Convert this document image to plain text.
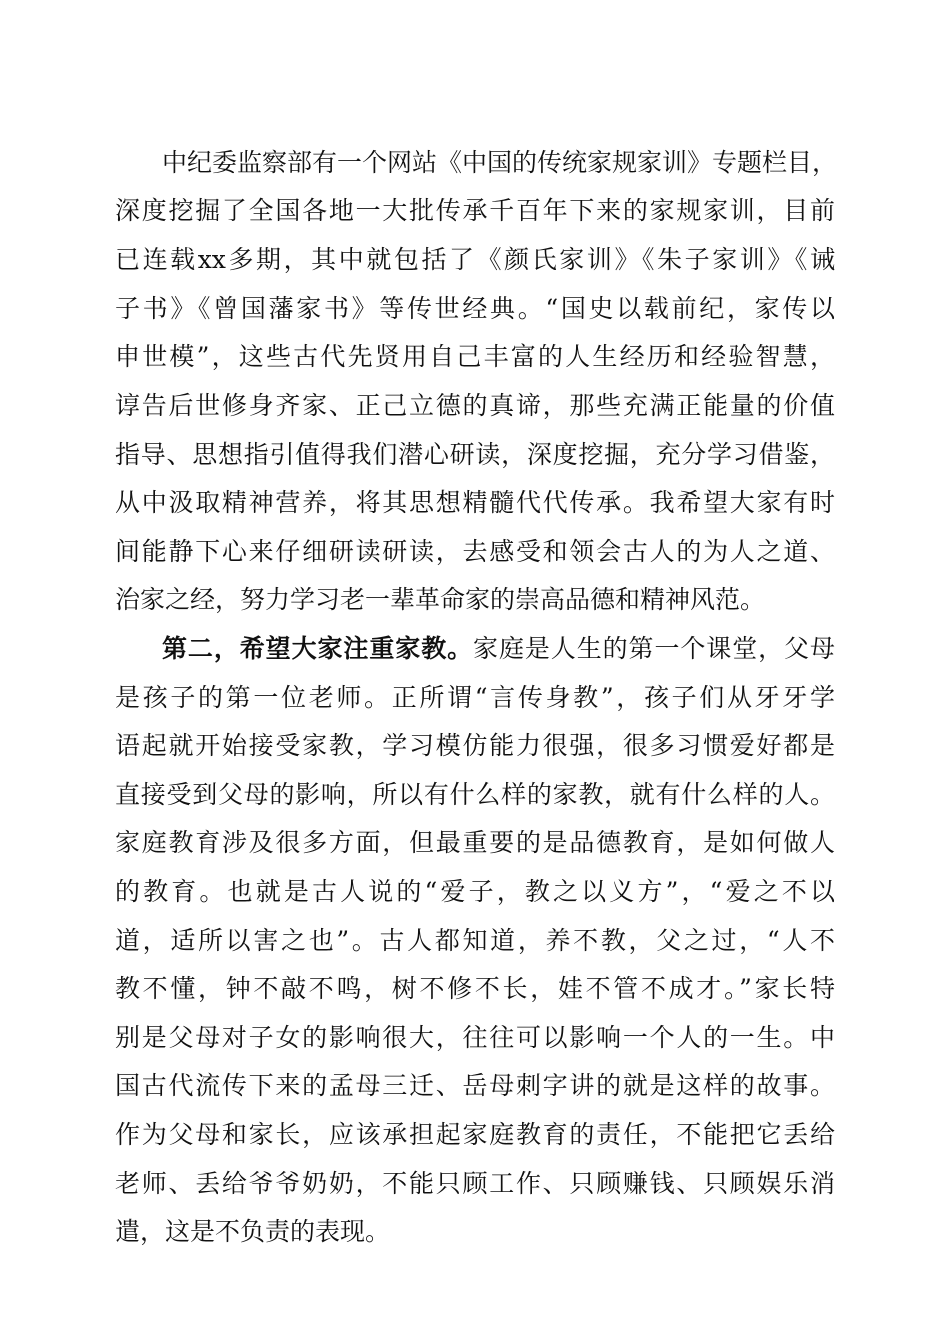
中纪委监察部有一个网站《中国的传统家规家训》专题栏目，
深度挖掘了全国各地一大批传承千百年下来的家规家训，目前
已连载xx多期，其中就包括了《颜氏家训》《朱子家训》《诫
子书》《曾国藩家书》等传世经典。“国史以载前纪，家传以
申世模”，这些古代先贤用自己丰富的人生经历和经验智慧，
谆告后世修身齐家、正己立德的真谛，那些充满正能量的价值
指导、思想指引值得我们潜心研读，深度挖掘，充分学习借鉴，
从中汲取精神营养，将其思想精髓代代传承。我希望大家有时
间能静下心来仔细研读研读，去感受和领会古人的为人之道、
治家之经，努力学习老一辈革命家的崇高品德和精神风范。
第二，希望大家注重家教。家庭是人生的第一个课堂，父母
是孩子的第一位老师。正所谓“言传身教”，孩子们从牙牙学
语起就开始接受家教，学习模仿能力很强，很多习惯爱好都是
直接受到父母的影响，所以有什么样的家教，就有什么样的人。
家庭教育涉及很多方面，但最重要的是品德教育，是如何做人
的教育。也就是古人说的“爱子，教之以义方”，“爱之不以
道，适所以害之也”。古人都知道，养不教，父之过，“人不
教不懂，钟不敲不鸣，树不修不长，娃不管不成才。”家长特
别是父母对子女的影响很大，往往可以影响一个人的一生。中
国古代流传下来的孟母三迁、岳母刺字讲的就是这样的故事。
作为父母和家长，应该承担起家庭教育的责任，不能把它丢给
老师、丢给爷爷奶奶，不能只顾工作、只顾赚钱、只顾娱乐消
遣，这是不负责的表现。
